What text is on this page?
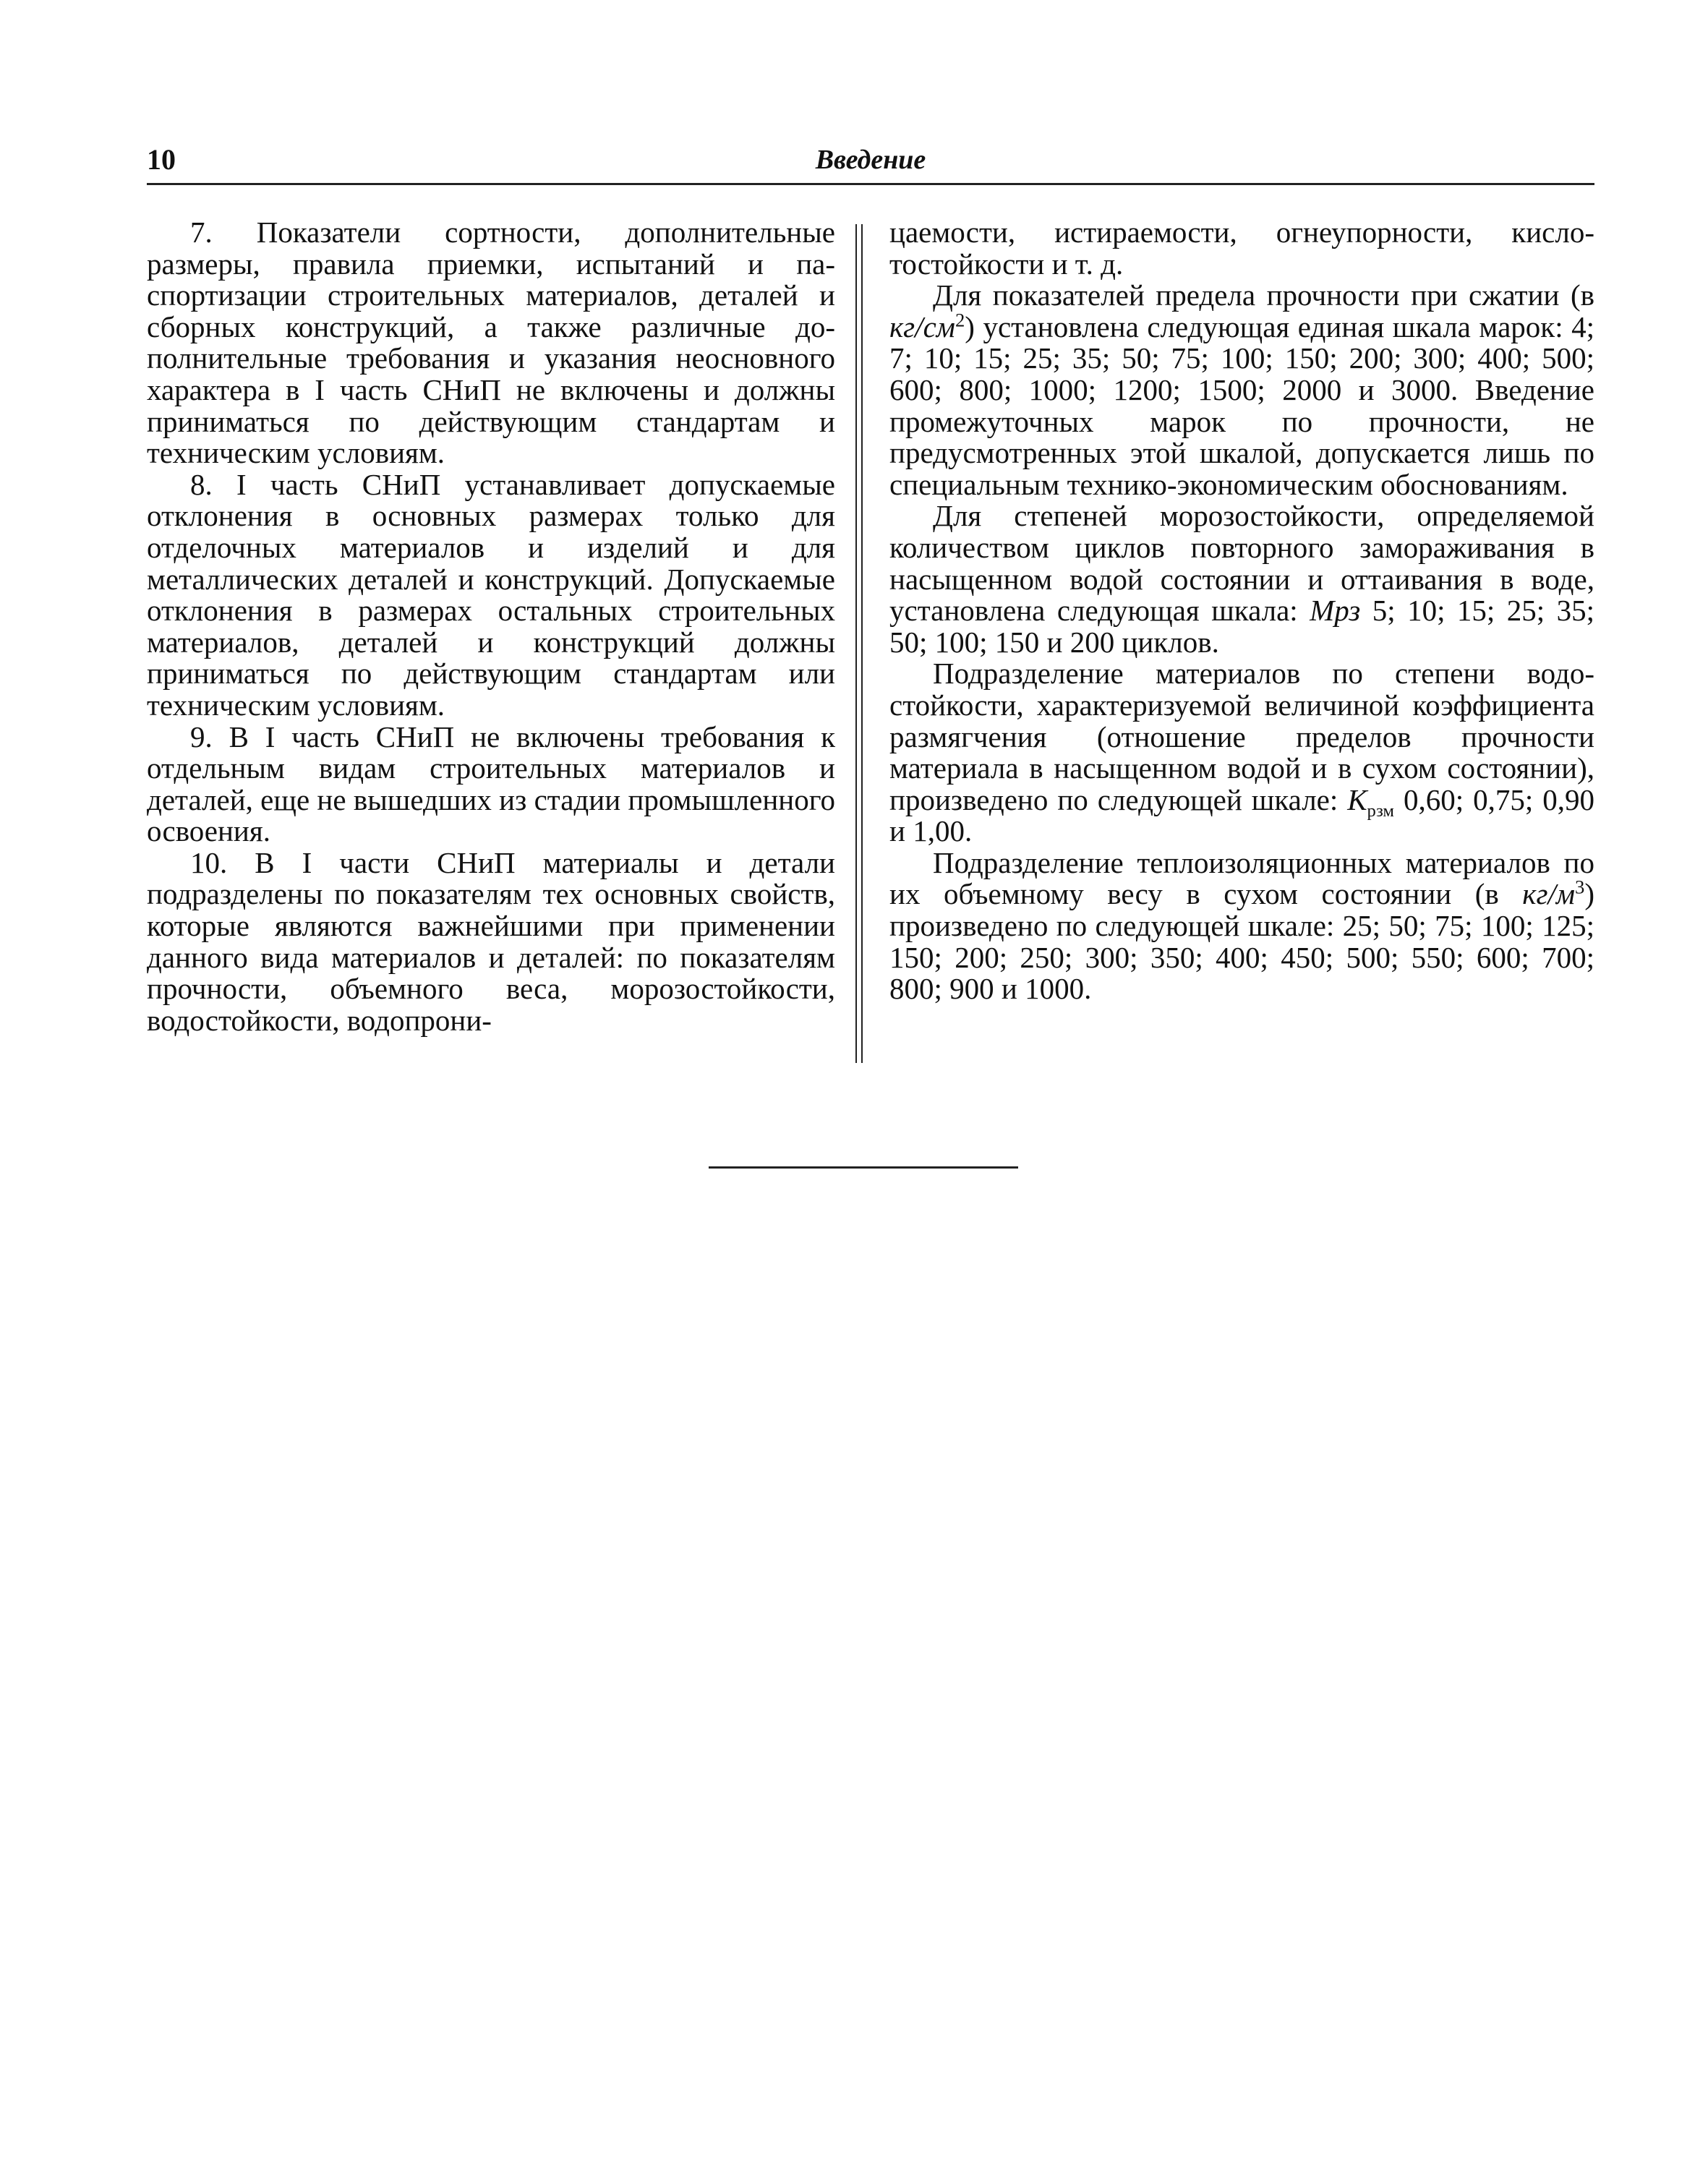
10	Введение

7. Показатели сортности, дополнительные размеры, правила приемки, испытаний и паспортизации строительных материалов, деталей и сборных конструкций, а также различные дополнительные требования и указания неосновного характера в I часть СНиП не включены и должны приниматься по действующим стандартам и техническим условиям.

8. I часть СНиП устанавливает допускаемые отклонения в основных размерах только для отделочных материалов и изделий и для металлических деталей и конструкций. Допускаемые отклонения в размерах остальных строительных материалов, деталей и конструкций должны приниматься по действующим стандартам или техническим условиям.

9. В I часть СНиП не включены требования к отдельным видам строительных материалов и деталей, еще не вышедших из стадии промышленного освоения.

10. В I части СНиП материалы и детали подразделены по показателям тех основных свойств, которые являются важнейшими при применении данного вида материалов и деталей: по показателям прочности, объемного веса, морозостойкости, водостойкости, водопрони-

цаемости, истираемости, огнеупорности, кислотостойкости и т. д.

Для показателей предела прочности при сжатии (в $кг/см^2$) установлена следующая единая шкала марок: 4; 7; 10; 15; 25; 35; 50; 75; 100; 150; 200; 300; 400; 500; 600; 800; 1000; 1200; 1500; 2000 и 3000. Введение промежуточных марок по прочности, не предусмотренных этой шкалой, допускается лишь по специальным технико-экономическим обоснованиям.

Для степеней морозостойкости, определяемой количеством циклов повторного замораживания в насыщенном водой состоянии и оттаивания в воде, установлена следующая шкала: Мрз 5; 10; 15; 25; 35; 50; 100; 150 и 200 циклов.

Подразделение материалов по степени водостойкости, характеризуемой величиной коэффициента размягчения (отношение пределов прочности материала в насыщенном водой и в сухом состоянии), произведено по следующей шкале: $К_{рзм}$ 0,60; 0,75; 0,90 и 1,00.

Подразделение теплоизоляционных материалов по их объемному весу в сухом состоянии (в $кг/м^3$) произведено по следующей шкале: 25; 50; 75; 100; 125; 150; 200; 250; 300; 350; 400; 450; 500; 550; 600; 700; 800; 900 и 1000.
